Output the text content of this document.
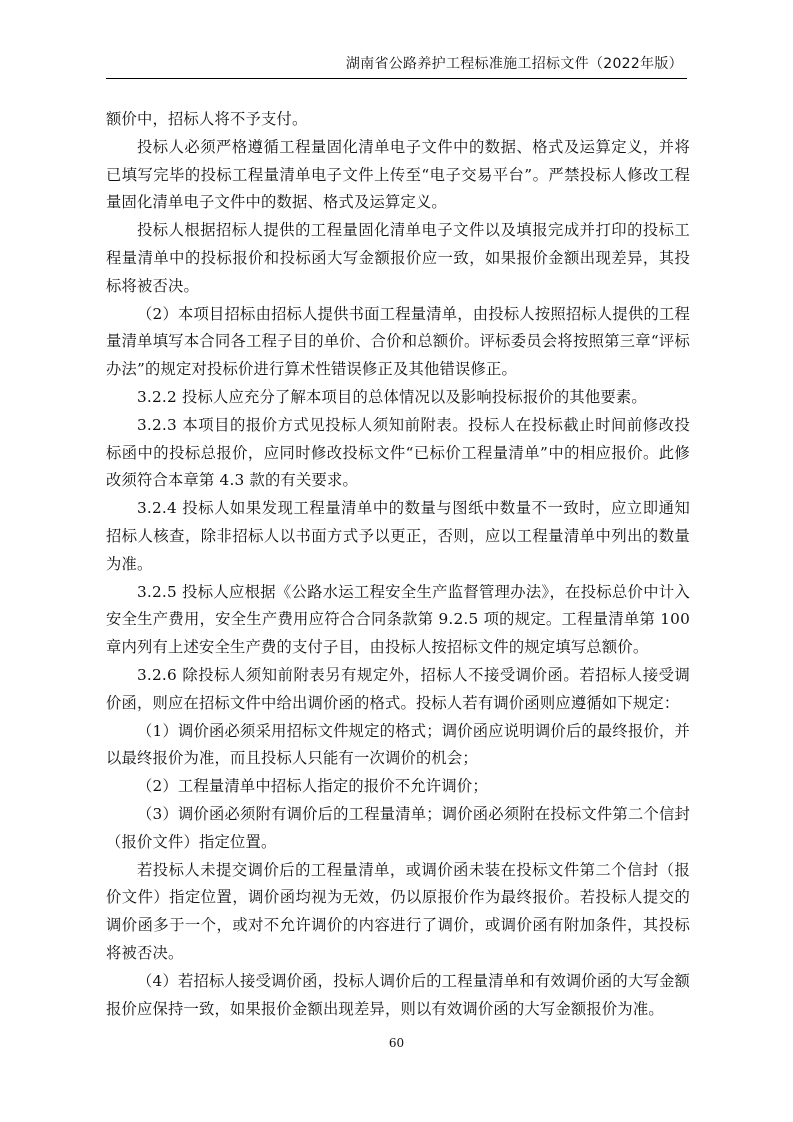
湖南省公路养护工程标准施工招标文件（2022年版）

额价中，招标人将不予支付。

投标人必须严格遵循工程量固化清单电子文件中的数据、格式及运算定义，并将已填写完毕的投标工程量清单电子文件上传至“电子交易平台”。严禁投标人修改工程量固化清单电子文件中的数据、格式及运算定义。

投标人根据招标人提供的工程量固化清单电子文件以及填报完成并打印的投标工程量清单中的投标报价和投标函大写金额报价应一致，如果报价金额出现差异，其投标将被否决。

（2）本项目招标由招标人提供书面工程量清单，由投标人按照招标人提供的工程量清单填写本合同各工程子目的单价、合价和总额价。评标委员会将按照第三章“评标办法”的规定对投标价进行算术性错误修正及其他错误修正。

3.2.2 投标人应充分了解本项目的总体情况以及影响投标报价的其他要素。

3.2.3 本项目的报价方式见投标人须知前附表。投标人在投标截止时间前修改投标函中的投标总报价，应同时修改投标文件“已标价工程量清单”中的相应报价。此修改须符合本章第 4.3 款的有关要求。

3.2.4 投标人如果发现工程量清单中的数量与图纸中数量不一致时，应立即通知招标人核查，除非招标人以书面方式予以更正，否则，应以工程量清单中列出的数量为准。

3.2.5 投标人应根据《公路水运工程安全生产监督管理办法》，在投标总价中计入安全生产费用，安全生产费用应符合合同条款第 9.2.5 项的规定。工程量清单第 100 章内列有上述安全生产费的支付子目，由投标人按招标文件的规定填写总额价。

3.2.6 除投标人须知前附表另有规定外，招标人不接受调价函。若招标人接受调价函，则应在招标文件中给出调价函的格式。投标人若有调价函则应遵循如下规定：

（1）调价函必须采用招标文件规定的格式；调价函应说明调价后的最终报价，并以最终报价为准，而且投标人只能有一次调价的机会；

（2）工程量清单中招标人指定的报价不允许调价；

（3）调价函必须附有调价后的工程量清单；调价函必须附在投标文件第二个信封（报价文件）指定位置。

若投标人未提交调价后的工程量清单，或调价函未装在投标文件第二个信封（报价文件）指定位置，调价函均视为无效，仍以原报价作为最终报价。若投标人提交的调价函多于一个，或对不允许调价的内容进行了调价，或调价函有附加条件，其投标将被否决。

（4）若招标人接受调价函，投标人调价后的工程量清单和有效调价函的大写金额报价应保持一致，如果报价金额出现差异，则以有效调价函的大写金额报价为准。

60
